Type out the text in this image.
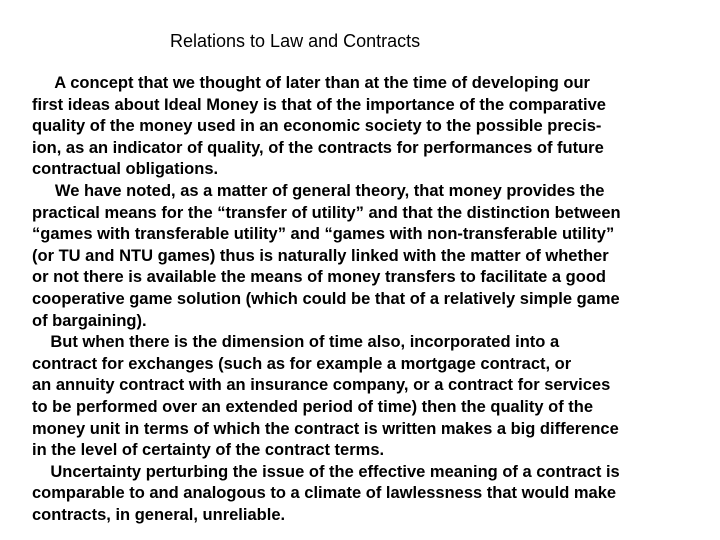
Relations to Law and Contracts
A concept that we thought of later than at the time of developing our
first ideas about Ideal Money is that of the importance of the comparative
quality of the money used in an economic society to the possible precis-
ion, as an indicator of quality, of the contracts for performances of future
contractual obligations.
We have noted, as a matter of general theory, that money provides the
practical means for the “transfer of utility” and that the distinction between
“games with transferable utility” and “games with non-transferable utility”
(or TU and NTU games) thus is naturally linked with the matter of whether
or not there is available the means of money transfers to facilitate a good
cooperative game solution (which could be that of a relatively simple game
of bargaining).
But when there is the dimension of time also, incorporated into a
contract for exchanges (such as for example a mortgage contract, or
an annuity contract with an insurance company, or a contract for services
to be performed over an extended period of time) then the quality of the
money unit in terms of which the contract is written makes a big difference
in the level of certainty of the contract terms.
Uncertainty perturbing the issue of the effective meaning of a contract is
comparable to and analogous to a climate of lawlessness that would make
contracts, in general, unreliable.
